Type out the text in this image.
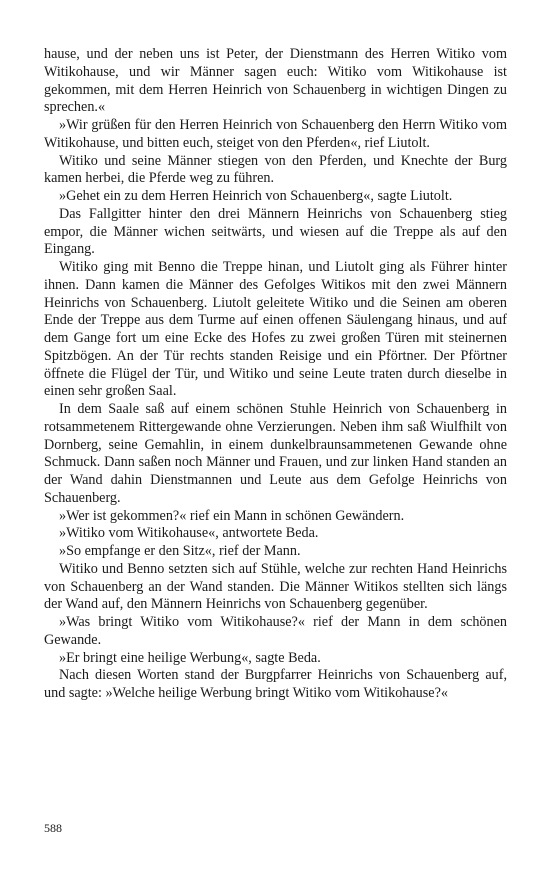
hause, und der neben uns ist Peter, der Dienstmann des Herren Witiko vom Witikohause, und wir Männer sagen euch: Witiko vom Witikohause ist gekommen, mit dem Herren Heinrich von Schauenberg in wichtigen Dingen zu sprechen.«

»Wir grüßen für den Herren Heinrich von Schauenberg den Herrn Witiko vom Witikohause, und bitten euch, steiget von den Pferden«, rief Liutolt.

Witiko und seine Männer stiegen von den Pferden, und Knechte der Burg kamen herbei, die Pferde weg zu führen.

»Gehet ein zu dem Herren Heinrich von Schauenberg«, sagte Liutolt.

Das Fallgitter hinter den drei Männern Heinrichs von Schauenberg stieg empor, die Männer wichen seitwärts, und wiesen auf die Treppe als auf den Eingang.

Witiko ging mit Benno die Treppe hinan, und Liutolt ging als Führer hinter ihnen. Dann kamen die Männer des Gefolges Witikos mit den zwei Männern Heinrichs von Schauenberg. Liutolt geleitete Witiko und die Seinen am oberen Ende der Treppe aus dem Turme auf einen offenen Säulengang hinaus, und auf dem Gange fort um eine Ecke des Hofes zu zwei großen Türen mit steinernen Spitzbögen. An der Tür rechts standen Reisige und ein Pförtner. Der Pförtner öffnete die Flügel der Tür, und Witiko und seine Leute traten durch dieselbe in einen sehr großen Saal.

In dem Saale saß auf einem schönen Stuhle Heinrich von Schauenberg in rotsammetenem Rittergewande ohne Verzierungen. Neben ihm saß Wiulfhilt von Dornberg, seine Gemahlin, in einem dunkelbraunsammetenen Gewande ohne Schmuck. Dann saßen noch Männer und Frauen, und zur linken Hand standen an der Wand dahin Dienstmannen und Leute aus dem Gefolge Heinrichs von Schauenberg.

»Wer ist gekommen?« rief ein Mann in schönen Gewändern.

»Witiko vom Witikohause«, antwortete Beda.

»So empfange er den Sitz«, rief der Mann.

Witiko und Benno setzten sich auf Stühle, welche zur rechten Hand Heinrichs von Schauenberg an der Wand standen. Die Männer Witikos stellten sich längs der Wand auf, den Männern Heinrichs von Schauenberg gegenüber.

»Was bringt Witiko vom Witikohause?« rief der Mann in dem schönen Gewande.

»Er bringt eine heilige Werbung«, sagte Beda.

Nach diesen Worten stand der Burgpfarrer Heinrichs von Schauenberg auf, und sagte: »Welche heilige Werbung bringt Witiko vom Witikohause?«

588
